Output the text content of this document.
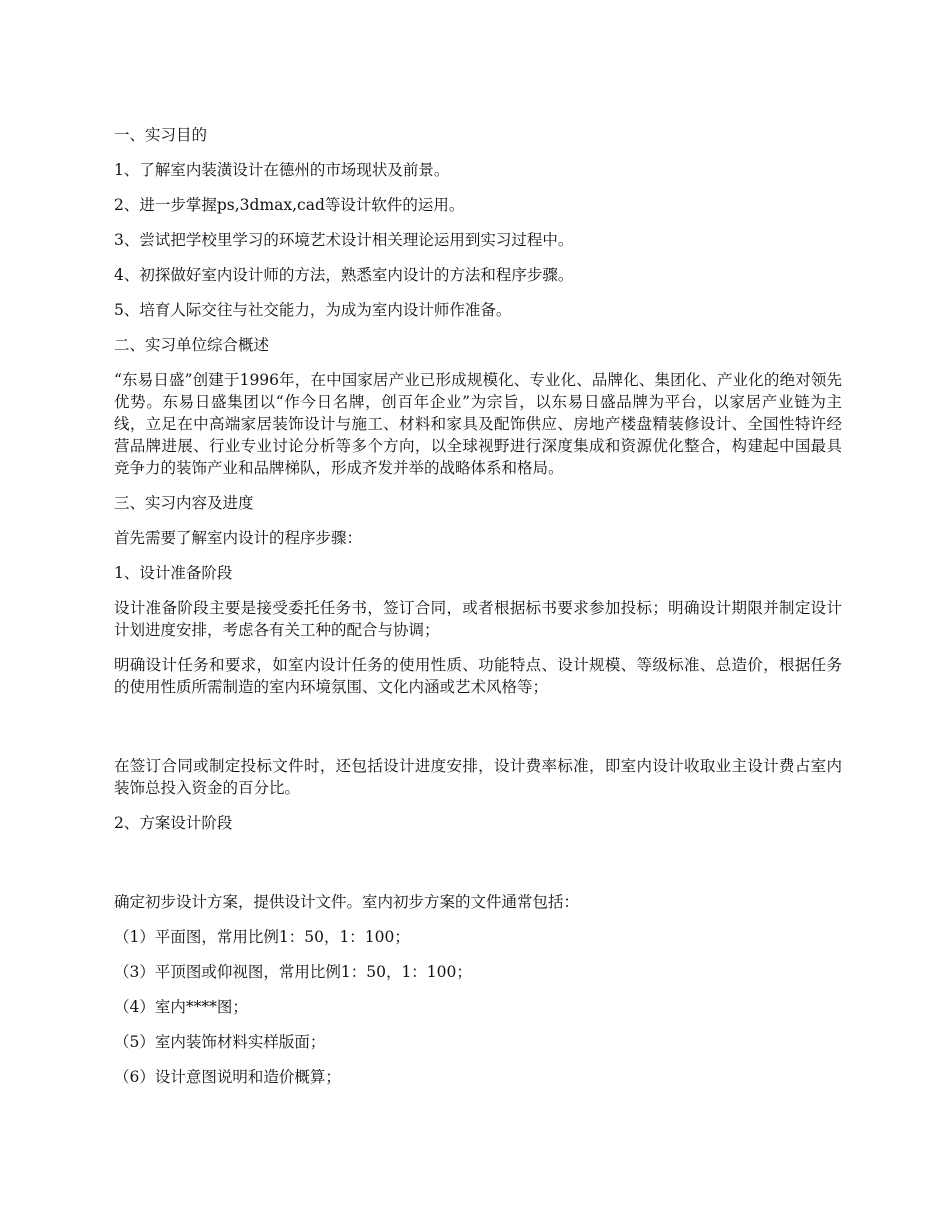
一、实习目的

1、了解室内装潢设计在德州的市场现状及前景。

2、进一步掌握ps,3dmax,cad等设计软件的运用。

3、尝试把学校里学习的环境艺术设计相关理论运用到实习过程中。

4、初探做好室内设计师的方法，熟悉室内设计的方法和程序步骤。

5、培育人际交往与社交能力，为成为室内设计师作准备。

二、实习单位综合概述

“东易日盛”创建于1996年，在中国家居产业已形成规模化、专业化、品牌化、集团化、产业化的绝对领先优势。东易日盛集团以“作今日名牌，创百年企业”为宗旨，以东易日盛品牌为平台，以家居产业链为主线，立足在中高端家居装饰设计与施工、材料和家具及配饰供应、房地产楼盘精装修设计、全国性特许经营品牌进展、行业专业讨论分析等多个方向，以全球视野进行深度集成和资源优化整合，构建起中国最具竞争力的装饰产业和品牌梯队，形成齐发并举的战略体系和格局。

三、实习内容及进度

首先需要了解室内设计的程序步骤：

1、设计准备阶段

设计准备阶段主要是接受委托任务书，签订合同，或者根据标书要求参加投标；明确设计期限并制定设计计划进度安排，考虑各有关工种的配合与协调；

明确设计任务和要求，如室内设计任务的使用性质、功能特点、设计规模、等级标准、总造价，根据任务的使用性质所需制造的室内环境氛围、文化内涵或艺术风格等；

在签订合同或制定投标文件时，还包括设计进度安排，设计费率标准，即室内设计收取业主设计费占室内装饰总投入资金的百分比。

2、方案设计阶段

确定初步设计方案，提供设计文件。室内初步方案的文件通常包括：

（1）平面图，常用比例1：50，1：100；

（3）平顶图或仰视图，常用比例1：50，1：100；

（4）室内****图；

（5）室内装饰材料实样版面；

（6）设计意图说明和造价概算；
